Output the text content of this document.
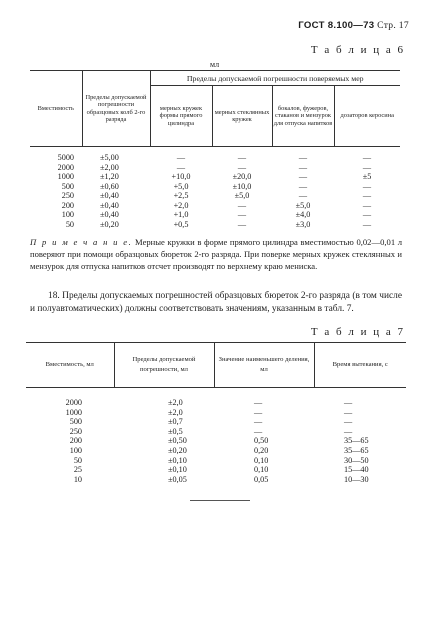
ГОСТ 8.100—73 Стр. 17
Т а б л и ц а 6
мл
Вместимость	Пределы допускаемой погрешности образцовых колб 2-го разряда	Пределы допускаемой погрешности поверяемых мер			
		мерных кружек формы прямого цилиндра	мерных стеклянных кружек	бокалов, фужеров, стаканов и мензурок для отпуска напитков	дозаторов керосина
5000	±5,00	—	—	—	—
2000	±2,00	—	—	—	—
1000	±1,20	+10,0	±20,0	—	±5
500	±0,60	+5,0	±10,0	—	—
250	±0,40	+2,5	±5,0	—	—
200	±0,40	+2,0	—	±5,0	—
100	±0,40	+1,0	—	±4,0	—
50	±0,20	+0,5	—	±3,0	—
П р и м е ч а н и е. Мерные кружки в форме прямого цилиндра вместимостью 0,02—0,01 л поверяют при помощи образцовых бюреток 2-го разряда. При поверке мерных кружек стеклянных и мензурок для отпуска напитков отсчет производят по верхнему краю мениска.
18. Пределы допускаемых погрешностей образцовых бюреток 2-го разряда (в том числе и полуавтоматических) должны соответствовать значениям, указанным в табл. 7.
Т а б л и ц а 7
Вместимость, мл	Пределы допускаемой погрешности, мл	Значение наименьшего деления, мл	Время вытекания, с
2000	±2,0	—	—
1000	±2,0	—	—
500	±0,7	—	—
250	±0,5	—	—
200	±0,50	0,50	35—65
100	±0,20	0,20	35—65
50	±0,10	0,10	30—50
25	±0,10	0,10	15—40
10	±0,05	0,05	10—30
